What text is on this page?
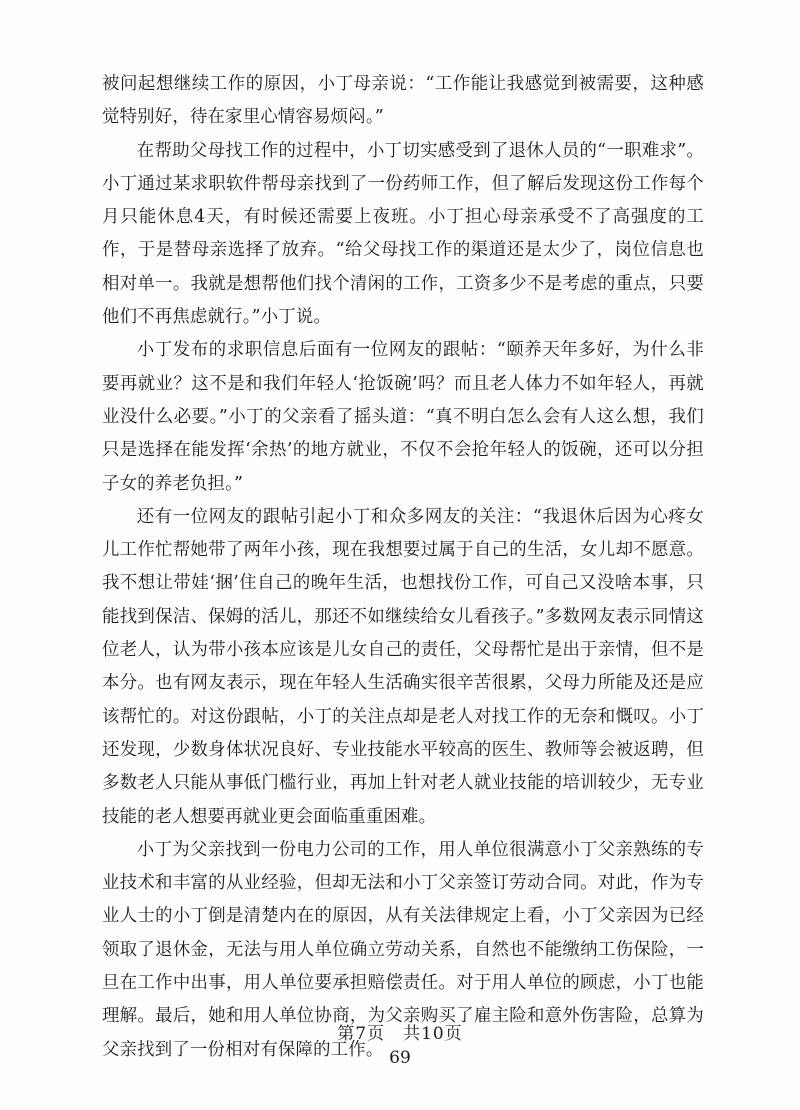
被问起想继续工作的原因，小丁母亲说：“工作能让我感觉到被需要，这种感觉特别好，待在家里心情容易烦闷。”

在帮助父母找工作的过程中，小丁切实感受到了退休人员的“一职难求”。小丁通过某求职软件帮母亲找到了一份药师工作，但了解后发现这份工作每个月只能休息4天，有时候还需要上夜班。小丁担心母亲承受不了高强度的工作，于是替母亲选择了放弃。“给父母找工作的渠道还是太少了，岗位信息也相对单一。我就是想帮他们找个清闲的工作，工资多少不是考虑的重点，只要他们不再焦虑就行。”小丁说。

小丁发布的求职信息后面有一位网友的跟帖：“颐养天年多好，为什么非要再就业？这不是和我们年轻人‘抢饭碗’吗？而且老人体力不如年轻人，再就业没什么必要。”小丁的父亲看了摇头道：“真不明白怎么会有人这么想，我们只是选择在能发挥‘余热’的地方就业，不仅不会抢年轻人的饭碗，还可以分担子女的养老负担。”

还有一位网友的跟帖引起小丁和众多网友的关注：“我退休后因为心疼女儿工作忙帮她带了两年小孩，现在我想要过属于自己的生活，女儿却不愿意。我不想让带娃‘捆’住自己的晚年生活，也想找份工作，可自己又没啥本事，只能找到保洁、保姆的活儿，那还不如继续给女儿看孩子。”多数网友表示同情这位老人，认为带小孩本应该是儿女自己的责任，父母帮忙是出于亲情，但不是本分。也有网友表示，现在年轻人生活确实很辛苦很累，父母力所能及还是应该帮忙的。对这份跟帖，小丁的关注点却是老人对找工作的无奈和慨叹。小丁还发现，少数身体状况良好、专业技能水平较高的医生、教师等会被返聘，但多数老人只能从事低门槛行业，再加上针对老人就业技能的培训较少，无专业技能的老人想要再就业更会面临重重困难。

小丁为父亲找到一份电力公司的工作，用人单位很满意小丁父亲熟练的专业技术和丰富的从业经验，但却无法和小丁父亲签订劳动合同。对此，作为专业人士的小丁倒是清楚内在的原因，从有关法律规定上看，小丁父亲因为已经领取了退休金，无法与用人单位确立劳动关系，自然也不能缴纳工伤保险，一旦在工作中出事，用人单位要承担赔偿责任。对于用人单位的顾虑，小丁也能理解。最后，她和用人单位协商，为父亲购买了雇主险和意外伤害险，总算为父亲找到了一份相对有保障的工作。

第7页　共10页
69
